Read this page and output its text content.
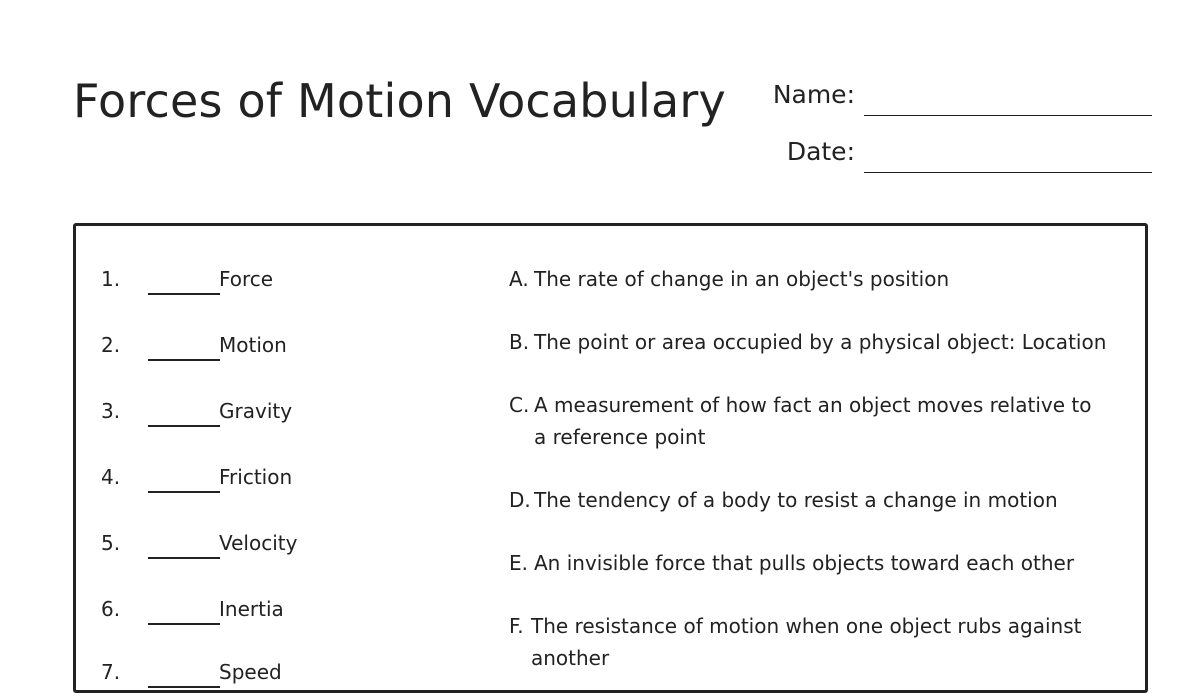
Forces of Motion Vocabulary Name:
Date:
1.	Force
2.	Motion
3.	Gravity
4.	Friction
5.	Velocity
6.	Inertia
7.	Speed
A. The rate of change in an object's position
B. The point or area occupied by a physical object: Location
C. A measurement of how fact an object moves relative to a reference point
D. The tendency of a body to resist a change in motion
E. An invisible force that pulls objects toward each other
F. The resistance of motion when one object rubs against another
